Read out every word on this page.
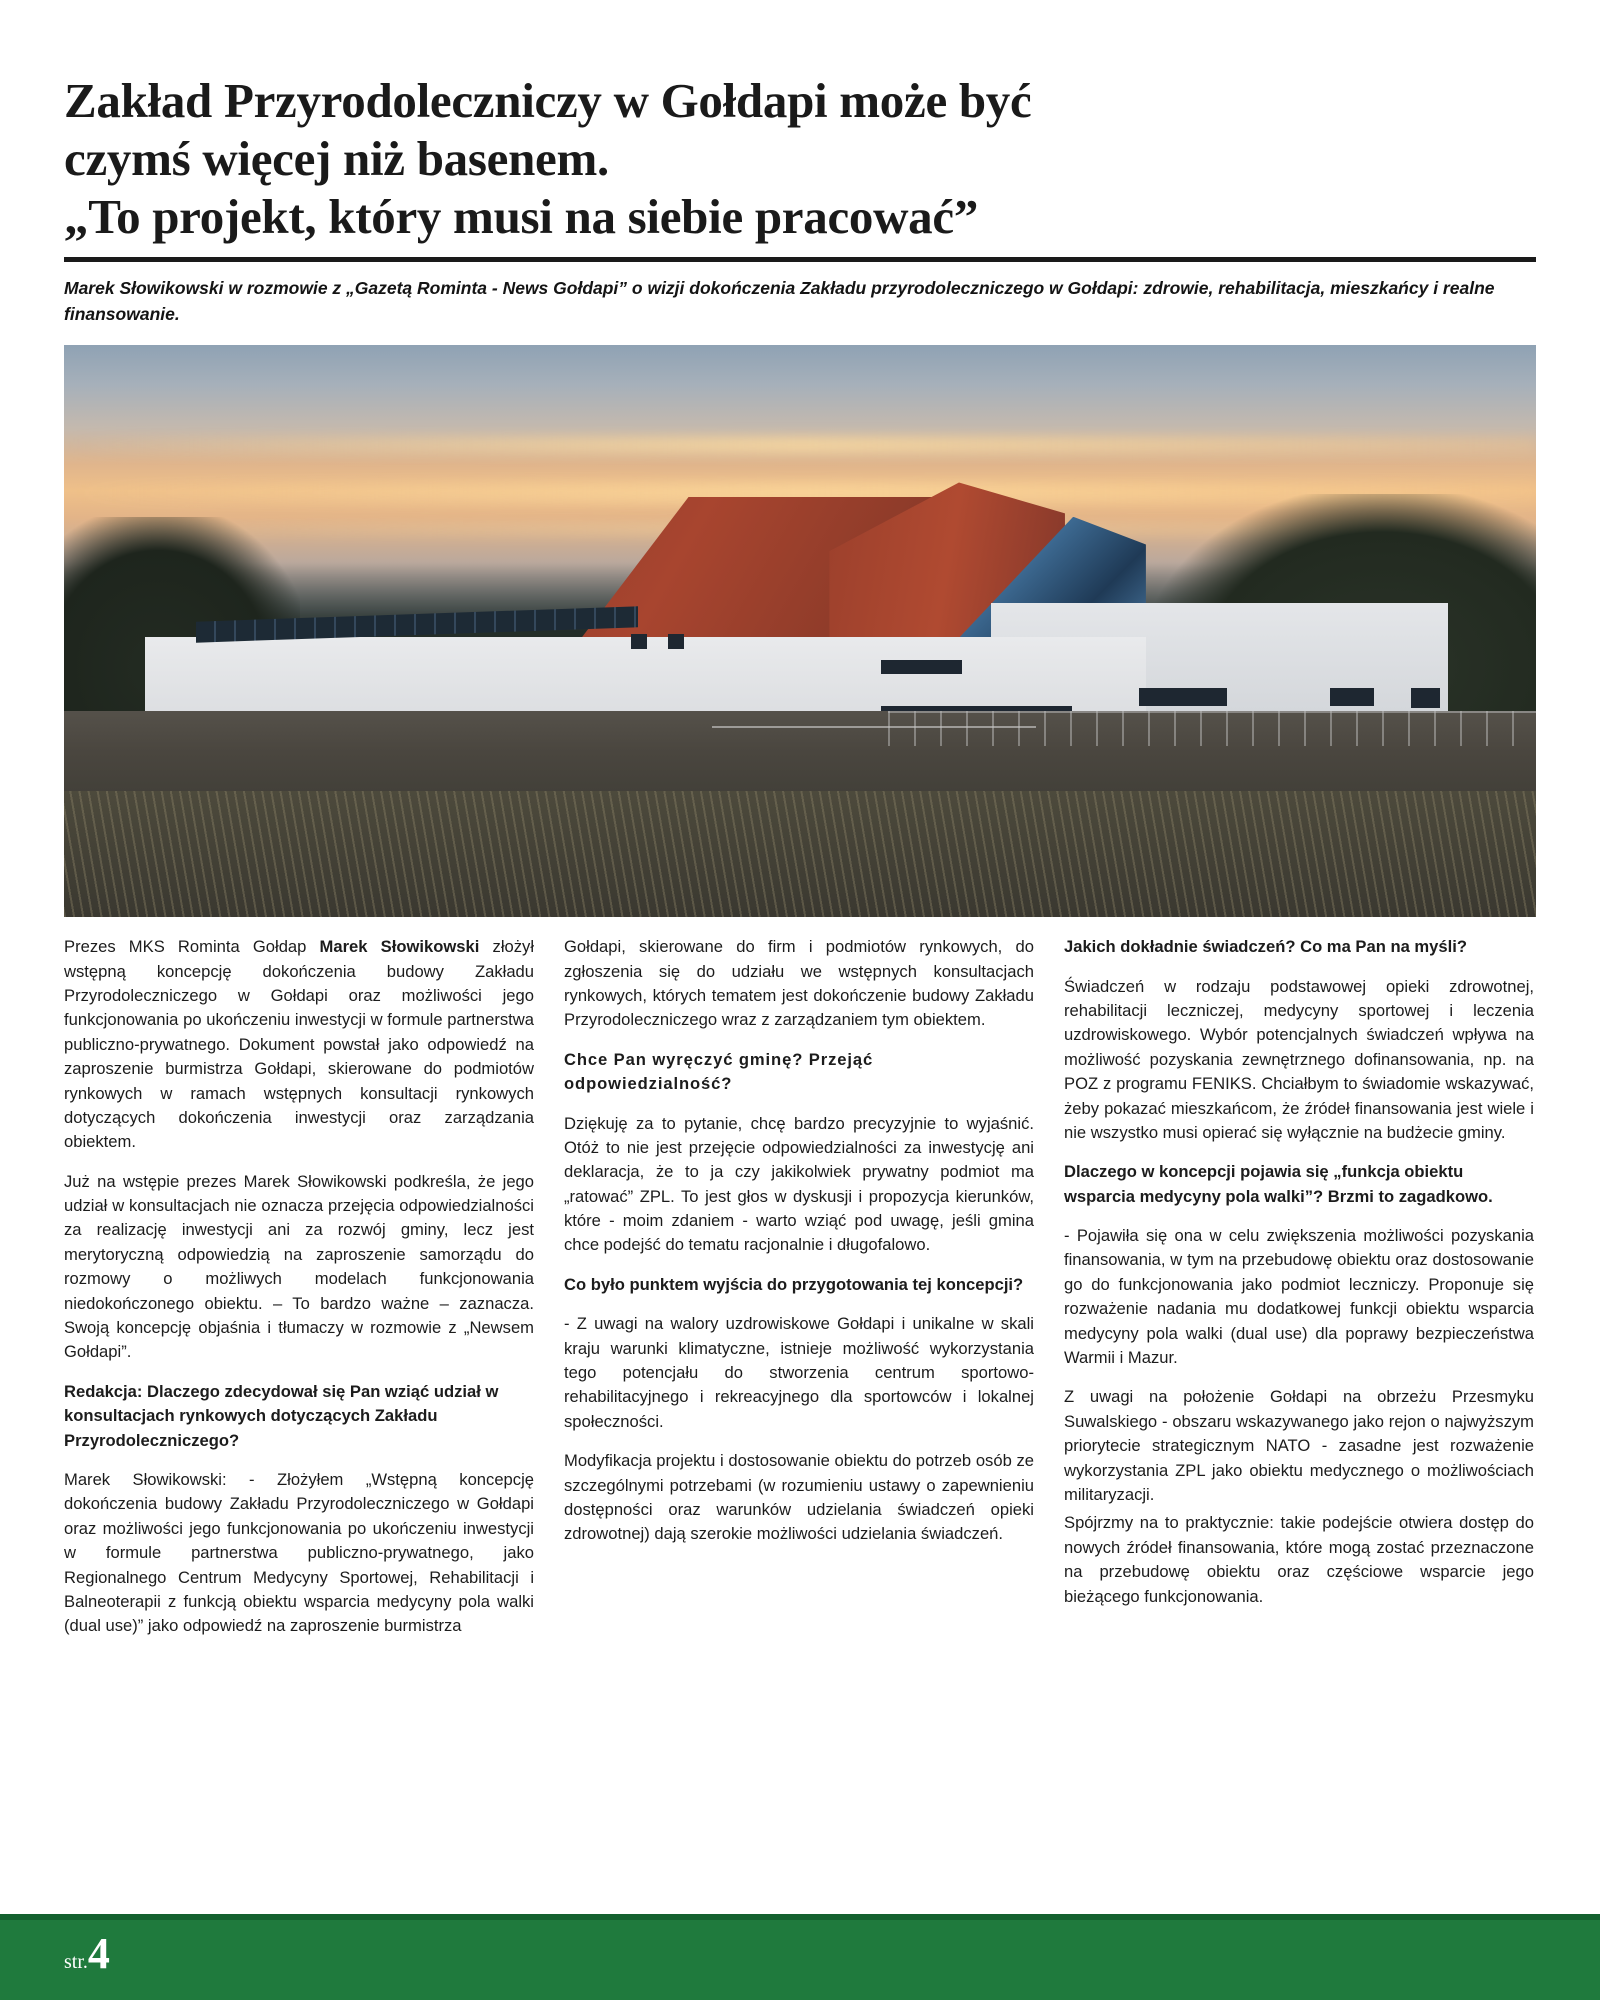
Zakład Przyrodoleczniczy w Gołdapi może być
czymś więcej niż basenem.
„To projekt, który musi na siebie pracować”
Marek Słowikowski w rozmowie z „Gazetą Rominta - News Gołdapi” o wizji dokończenia Zakładu przyrodoleczniczego w Gołdapi: zdrowie, rehabilitacja, mieszkańcy i realne finansowanie.

Prezes MKS Rominta Gołdap Marek Słowikowski złożył wstępną koncepcję dokończenia budowy Zakładu Przyrodoleczniczego w Gołdapi oraz możliwości jego funkcjonowania po ukończeniu inwestycji w formule partnerstwa publiczno-prywatnego. Dokument powstał jako odpowiedź na zaproszenie burmistrza Gołdapi, skierowane do podmiotów rynkowych w ramach wstępnych konsultacji rynkowych dotyczących dokończenia inwestycji oraz zarządzania obiektem.

Już na wstępie prezes Marek Słowikowski podkreśla, że jego udział w konsultacjach nie oznacza przejęcia odpowiedzialności za realizację inwestycji ani za rozwój gminy, lecz jest merytoryczną odpowiedzią na zaproszenie samorządu do rozmowy o możliwych modelach funkcjonowania niedokończonego obiektu. – To bardzo ważne – zaznacza. Swoją koncepcję objaśnia i tłumaczy w rozmowie z „Newsem Gołdapi”.

Redakcja: Dlaczego zdecydował się Pan wziąć udział w konsultacjach rynkowych dotyczących Zakładu Przyrodoleczniczego?

Marek Słowikowski: - Złożyłem „Wstępną koncepcję dokończenia budowy Zakładu Przyrodoleczniczego w Gołdapi oraz możliwości jego funkcjonowania po ukończeniu inwestycji w formule partnerstwa publiczno-prywatnego, jako Regionalnego Centrum Medycyny Sportowej, Rehabilitacji i Balneoterapii z funkcją obiektu wsparcia medycyny pola walki (dual use)” jako odpowiedź na zaproszenie burmistrza

Gołdapi, skierowane do firm i podmiotów rynkowych, do zgłoszenia się do udziału we wstępnych konsultacjach rynkowych, których tematem jest dokończenie budowy Zakładu Przyrodoleczniczego wraz z zarządzaniem tym obiektem.

Chce Pan wyręczyć gminę? Przejąć odpowiedzialność?

Dziękuję za to pytanie, chcę bardzo precyzyjnie to wyjaśnić. Otóż to nie jest przejęcie odpowiedzialności za inwestycję ani deklaracja, że to ja czy jakikolwiek prywatny podmiot ma „ratować” ZPL. To jest głos w dyskusji i propozycja kierunków, które - moim zdaniem - warto wziąć pod uwagę, jeśli gmina chce podejść do tematu racjonalnie i długofalowo.

Co było punktem wyjścia do przygotowania tej koncepcji?

- Z uwagi na walory uzdrowiskowe Gołdapi i unikalne w skali kraju warunki klimatyczne, istnieje możliwość wykorzystania tego potencjału do stworzenia centrum sportowo-rehabilitacyjnego i rekreacyjnego dla sportowców i lokalnej społeczności.

Modyfikacja projektu i dostosowanie obiektu do potrzeb osób ze szczególnymi potrzebami (w rozumieniu ustawy o zapewnieniu dostępności oraz warunków udzielania świadczeń opieki zdrowotnej) dają szerokie możliwości udzielania świadczeń.

Jakich dokładnie świadczeń? Co ma Pan na myśli?

Świadczeń w rodzaju podstawowej opieki zdrowotnej, rehabilitacji leczniczej, medycyny sportowej i leczenia uzdrowiskowego. Wybór potencjalnych świadczeń wpływa na możliwość pozyskania zewnętrznego dofinansowania, np. na POZ z programu FENIKS. Chciałbym to świadomie wskazywać, żeby pokazać mieszkańcom, że źródeł finansowania jest wiele i nie wszystko musi opierać się wyłącznie na budżecie gminy.

Dlaczego w koncepcji pojawia się „funkcja obiektu wsparcia medycyny pola walki”? Brzmi to zagadkowo.

- Pojawiła się ona w celu zwiększenia możliwości pozyskania finansowania, w tym na przebudowę obiektu oraz dostosowanie go do funkcjonowania jako podmiot leczniczy. Proponuje się rozważenie nadania mu dodatkowej funkcji obiektu wsparcia medycyny pola walki (dual use) dla poprawy bezpieczeństwa Warmii i Mazur.

Z uwagi na położenie Gołdapi na obrzeżu Przesmyku Suwalskiego - obszaru wskazywanego jako rejon o najwyższym priorytecie strategicznym NATO - zasadne jest rozważenie wykorzystania ZPL jako obiektu medycznego o możliwościach militaryzacji.

Spójrzmy na to praktycznie: takie podejście otwiera dostęp do nowych źródeł finansowania, które mogą zostać przeznaczone na przebudowę obiektu oraz częściowe wsparcie jego bieżącego funkcjonowania.

str.4
